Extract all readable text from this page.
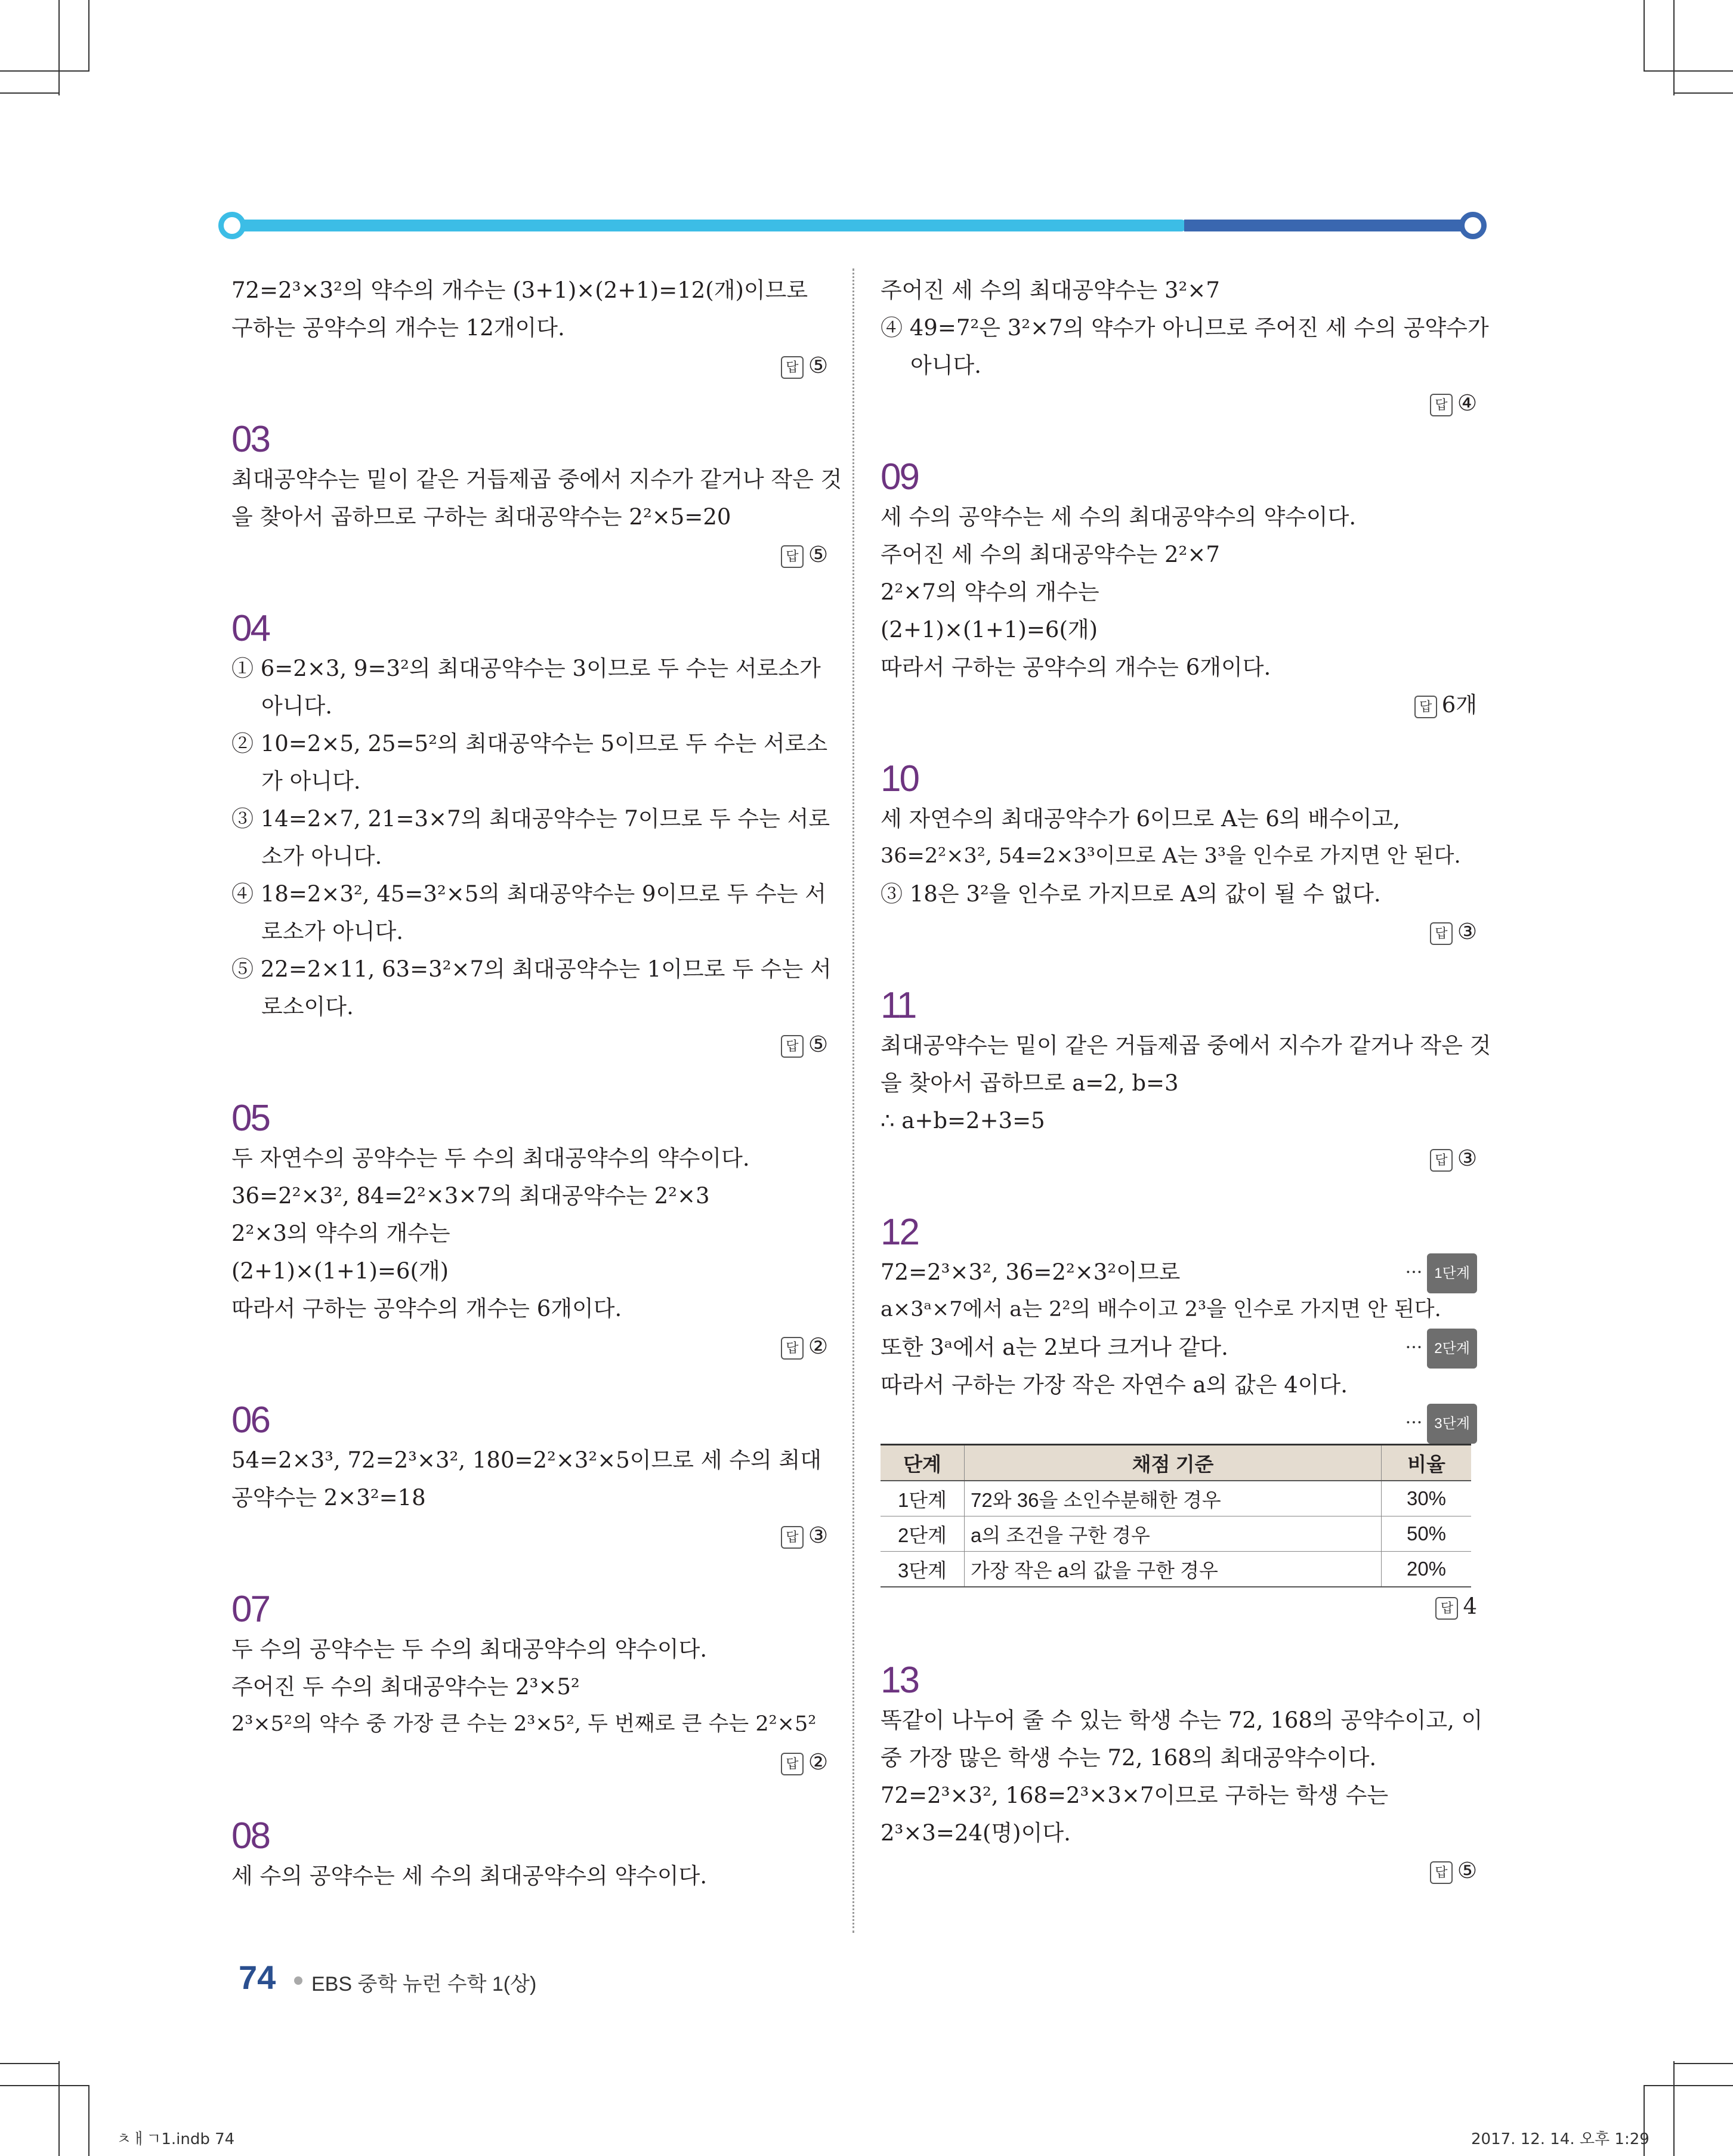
72=2³×3²의 약수의 개수는 (3+1)×(2+1)=12(개)이므로
구하는 공약수의 개수는 12개이다.
답 ⑤
03
최대공약수는 밑이 같은 거듭제곱 중에서 지수가 같거나 작은 것
을 찾아서 곱하므로 구하는 최대공약수는 2²×5=20
답 ⑤
04
① 6=2×3, 9=3²의 최대공약수는 3이므로 두 수는 서로소가
아니다.
② 10=2×5, 25=5²의 최대공약수는 5이므로 두 수는 서로소
가 아니다.
③ 14=2×7, 21=3×7의 최대공약수는 7이므로 두 수는 서로
소가 아니다.
④ 18=2×3², 45=3²×5의 최대공약수는 9이므로 두 수는 서
로소가 아니다.
⑤ 22=2×11, 63=3²×7의 최대공약수는 1이므로 두 수는 서
로소이다.
답 ⑤
05
두 자연수의 공약수는 두 수의 최대공약수의 약수이다.
36=2²×3², 84=2²×3×7의 최대공약수는 2²×3
2²×3의 약수의 개수는
(2+1)×(1+1)=6(개)
따라서 구하는 공약수의 개수는 6개이다.
답 ②
06
54=2×3³, 72=2³×3², 180=2²×3²×5이므로 세 수의 최대
공약수는 2×3²=18
답 ③
07
두 수의 공약수는 두 수의 최대공약수의 약수이다.
주어진 두 수의 최대공약수는 2³×5²
2³×5²의 약수 중 가장 큰 수는 2³×5², 두 번째로 큰 수는 2²×5²
답 ②
08
세 수의 공약수는 세 수의 최대공약수의 약수이다.
주어진 세 수의 최대공약수는 3²×7
④ 49=7²은 3²×7의 약수가 아니므로 주어진 세 수의 공약수가
아니다.
답 ④
09
세 수의 공약수는 세 수의 최대공약수의 약수이다.
주어진 세 수의 최대공약수는 2²×7
2²×7의 약수의 개수는
(2+1)×(1+1)=6(개)
따라서 구하는 공약수의 개수는 6개이다.
답 6개
10
세 자연수의 최대공약수가 6이므로 A는 6의 배수이고,
36=2²×3², 54=2×3³이므로 A는 3³을 인수로 가지면 안 된다.
③ 18은 3²을 인수로 가지므로 A의 값이 될 수 없다.
답 ③
11
최대공약수는 밑이 같은 거듭제곱 중에서 지수가 같거나 작은 것
을 찾아서 곱하므로 a=2, b=3
∴ a+b=2+3=5
답 ③
12
72=2³×3², 36=2²×3²이므로	··· 1단계
a×3ᵃ×7에서 a는 2²의 배수이고 2³을 인수로 가지면 안 된다.
또한 3ᵃ에서 a는 2보다 크거나 같다.	··· 2단계
따라서 구하는 가장 작은 자연수 a의 값은 4이다.
··· 3단계
단계	채점 기준	비율
1단계	72와 36을 소인수분해한 경우	30%
2단계	a의 조건을 구한 경우	50%
3단계	가장 작은 a의 값을 구한 경우	20%
답 4
13
똑같이 나누어 줄 수 있는 학생 수는 72, 168의 공약수이고, 이
중 가장 많은 학생 수는 72, 168의 최대공약수이다.
72=2³×3², 168=2³×3×7이므로 구하는 학생 수는
2³×3=24(명)이다.
답 ⑤
74 EBS 중학 뉴런 수학 1(상)
ㅊㅐㄱ1.indb 74	2017. 12. 14. 오후 1:29
